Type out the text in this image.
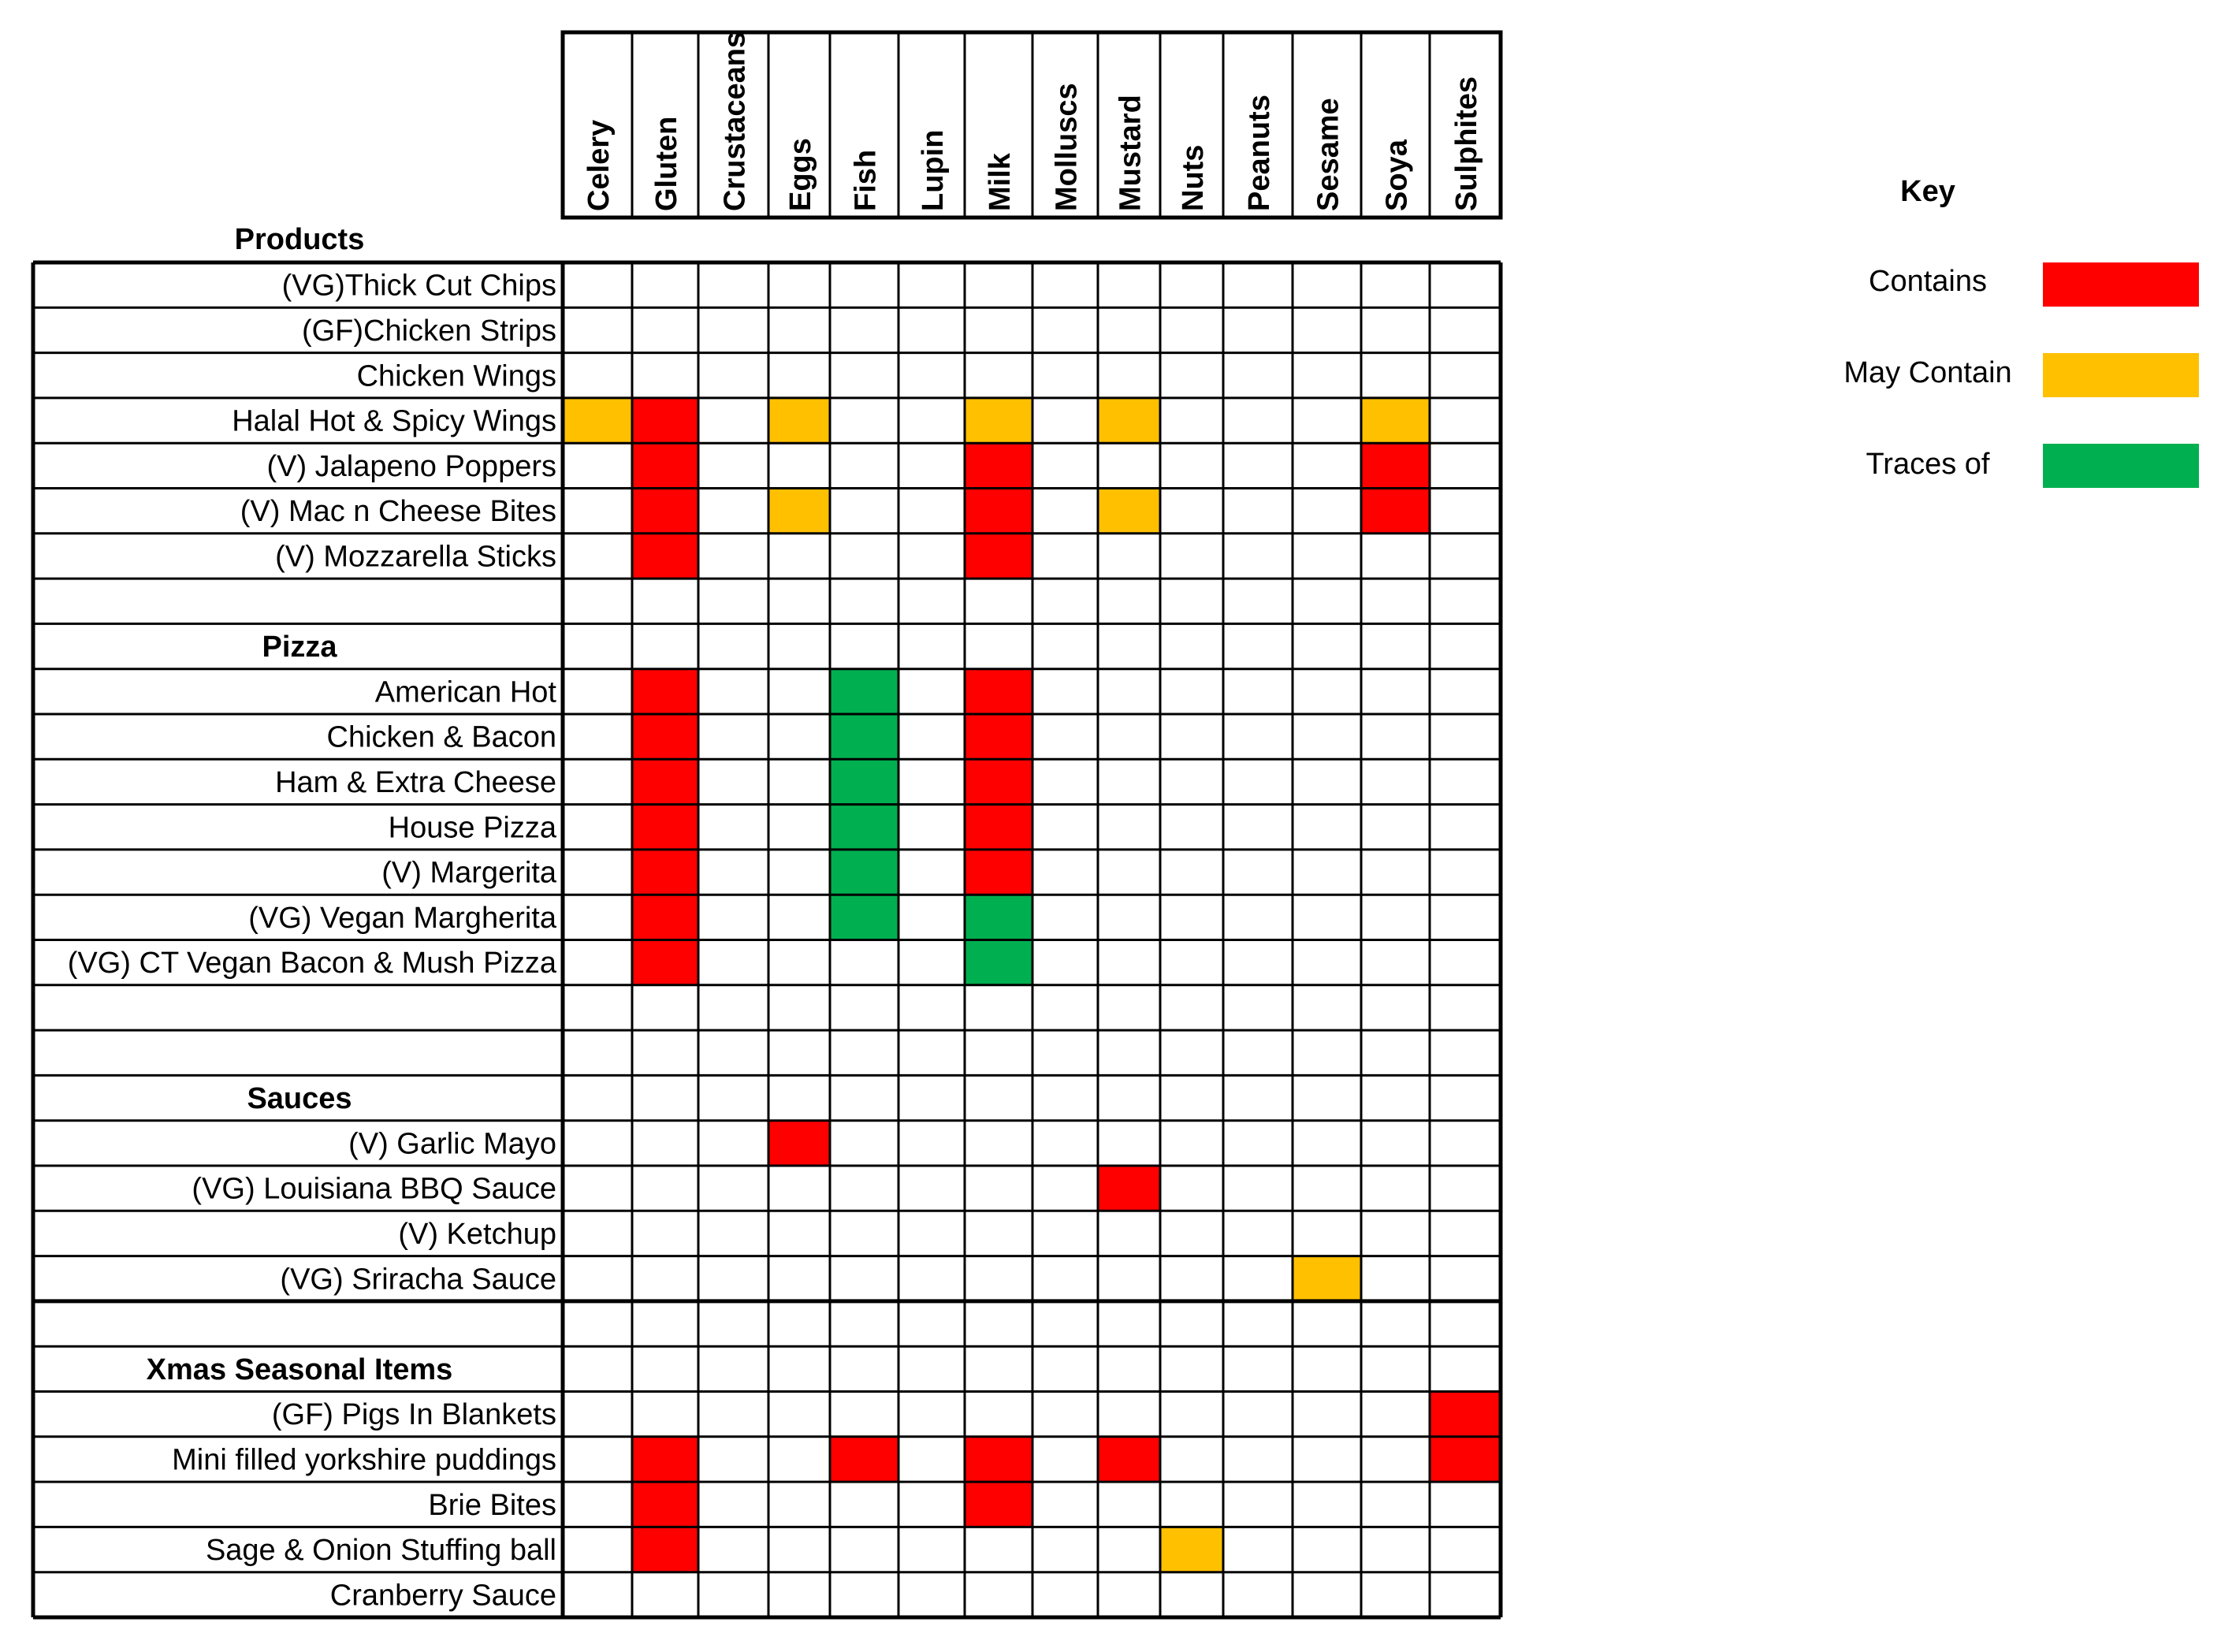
Celery Gluten Crustaceans Eggs Fish Lupin Milk Molluscs Mustard Nuts Peanuts Sesame Soya Sulphites
Products
(VG)Thick Cut Chips
(GF)Chicken Strips
Chicken Wings
Halal Hot & Spicy Wings
(V) Jalapeno Poppers
(V) Mac n Cheese Bites
(V) Mozzarella Sticks
Pizza
American Hot
Chicken & Bacon
Ham & Extra Cheese
House Pizza
(V) Margerita
(VG) Vegan Margherita
(VG) CT Vegan Bacon & Mush Pizza
Sauces
(V) Garlic Mayo
(VG) Louisiana BBQ Sauce
(V) Ketchup
(VG) Sriracha Sauce
Xmas Seasonal Items
(GF) Pigs In Blankets
Mini filled yorkshire puddings
Brie Bites
Sage & Onion Stuffing ball
Cranberry Sauce
Key
Contains
May Contain
Traces of
